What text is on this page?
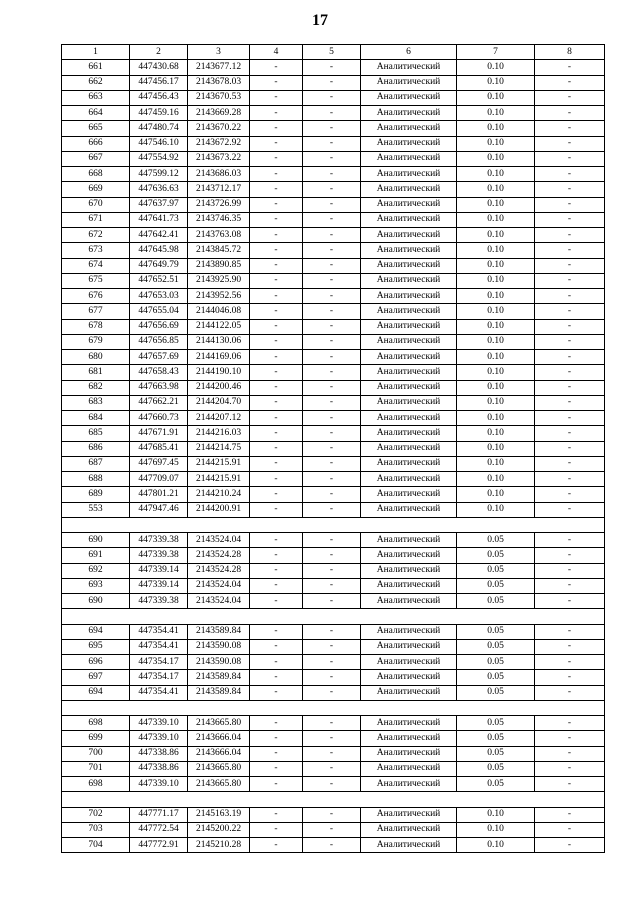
17
1	2	3	4	5	6	7	8
661	447430.68	2143677.12	-	-	Аналитический	0.10	-
662	447456.17	2143678.03	-	-	Аналитический	0.10	-
663	447456.43	2143670.53	-	-	Аналитический	0.10	-
664	447459.16	2143669.28	-	-	Аналитический	0.10	-
665	447480.74	2143670.22	-	-	Аналитический	0.10	-
666	447546.10	2143672.92	-	-	Аналитический	0.10	-
667	447554.92	2143673.22	-	-	Аналитический	0.10	-
668	447599.12	2143686.03	-	-	Аналитический	0.10	-
669	447636.63	2143712.17	-	-	Аналитический	0.10	-
670	447637.97	2143726.99	-	-	Аналитический	0.10	-
671	447641.73	2143746.35	-	-	Аналитический	0.10	-
672	447642.41	2143763.08	-	-	Аналитический	0.10	-
673	447645.98	2143845.72	-	-	Аналитический	0.10	-
674	447649.79	2143890.85	-	-	Аналитический	0.10	-
675	447652.51	2143925.90	-	-	Аналитический	0.10	-
676	447653.03	2143952.56	-	-	Аналитический	0.10	-
677	447655.04	2144046.08	-	-	Аналитический	0.10	-
678	447656.69	2144122.05	-	-	Аналитический	0.10	-
679	447656.85	2144130.06	-	-	Аналитический	0.10	-
680	447657.69	2144169.06	-	-	Аналитический	0.10	-
681	447658.43	2144190.10	-	-	Аналитический	0.10	-
682	447663.98	2144200.46	-	-	Аналитический	0.10	-
683	447662.21	2144204.70	-	-	Аналитический	0.10	-
684	447660.73	2144207.12	-	-	Аналитический	0.10	-
685	447671.91	2144216.03	-	-	Аналитический	0.10	-
686	447685.41	2144214.75	-	-	Аналитический	0.10	-
687	447697.45	2144215.91	-	-	Аналитический	0.10	-
688	447709.07	2144215.91	-	-	Аналитический	0.10	-
689	447801.21	2144210.24	-	-	Аналитический	0.10	-
553	447947.46	2144200.91	-	-	Аналитический	0.10	-

690	447339.38	2143524.04	-	-	Аналитический	0.05	-
691	447339.38	2143524.28	-	-	Аналитический	0.05	-
692	447339.14	2143524.28	-	-	Аналитический	0.05	-
693	447339.14	2143524.04	-	-	Аналитический	0.05	-
690	447339.38	2143524.04	-	-	Аналитический	0.05	-

694	447354.41	2143589.84	-	-	Аналитический	0.05	-
695	447354.41	2143590.08	-	-	Аналитический	0.05	-
696	447354.17	2143590.08	-	-	Аналитический	0.05	-
697	447354.17	2143589.84	-	-	Аналитический	0.05	-
694	447354.41	2143589.84	-	-	Аналитический	0.05	-

698	447339.10	2143665.80	-	-	Аналитический	0.05	-
699	447339.10	2143666.04	-	-	Аналитический	0.05	-
700	447338.86	2143666.04	-	-	Аналитический	0.05	-
701	447338.86	2143665.80	-	-	Аналитический	0.05	-
698	447339.10	2143665.80	-	-	Аналитический	0.05	-

702	447771.17	2145163.19	-	-	Аналитический	0.10	-
703	447772.54	2145200.22	-	-	Аналитический	0.10	-
704	447772.91	2145210.28	-	-	Аналитический	0.10	-
